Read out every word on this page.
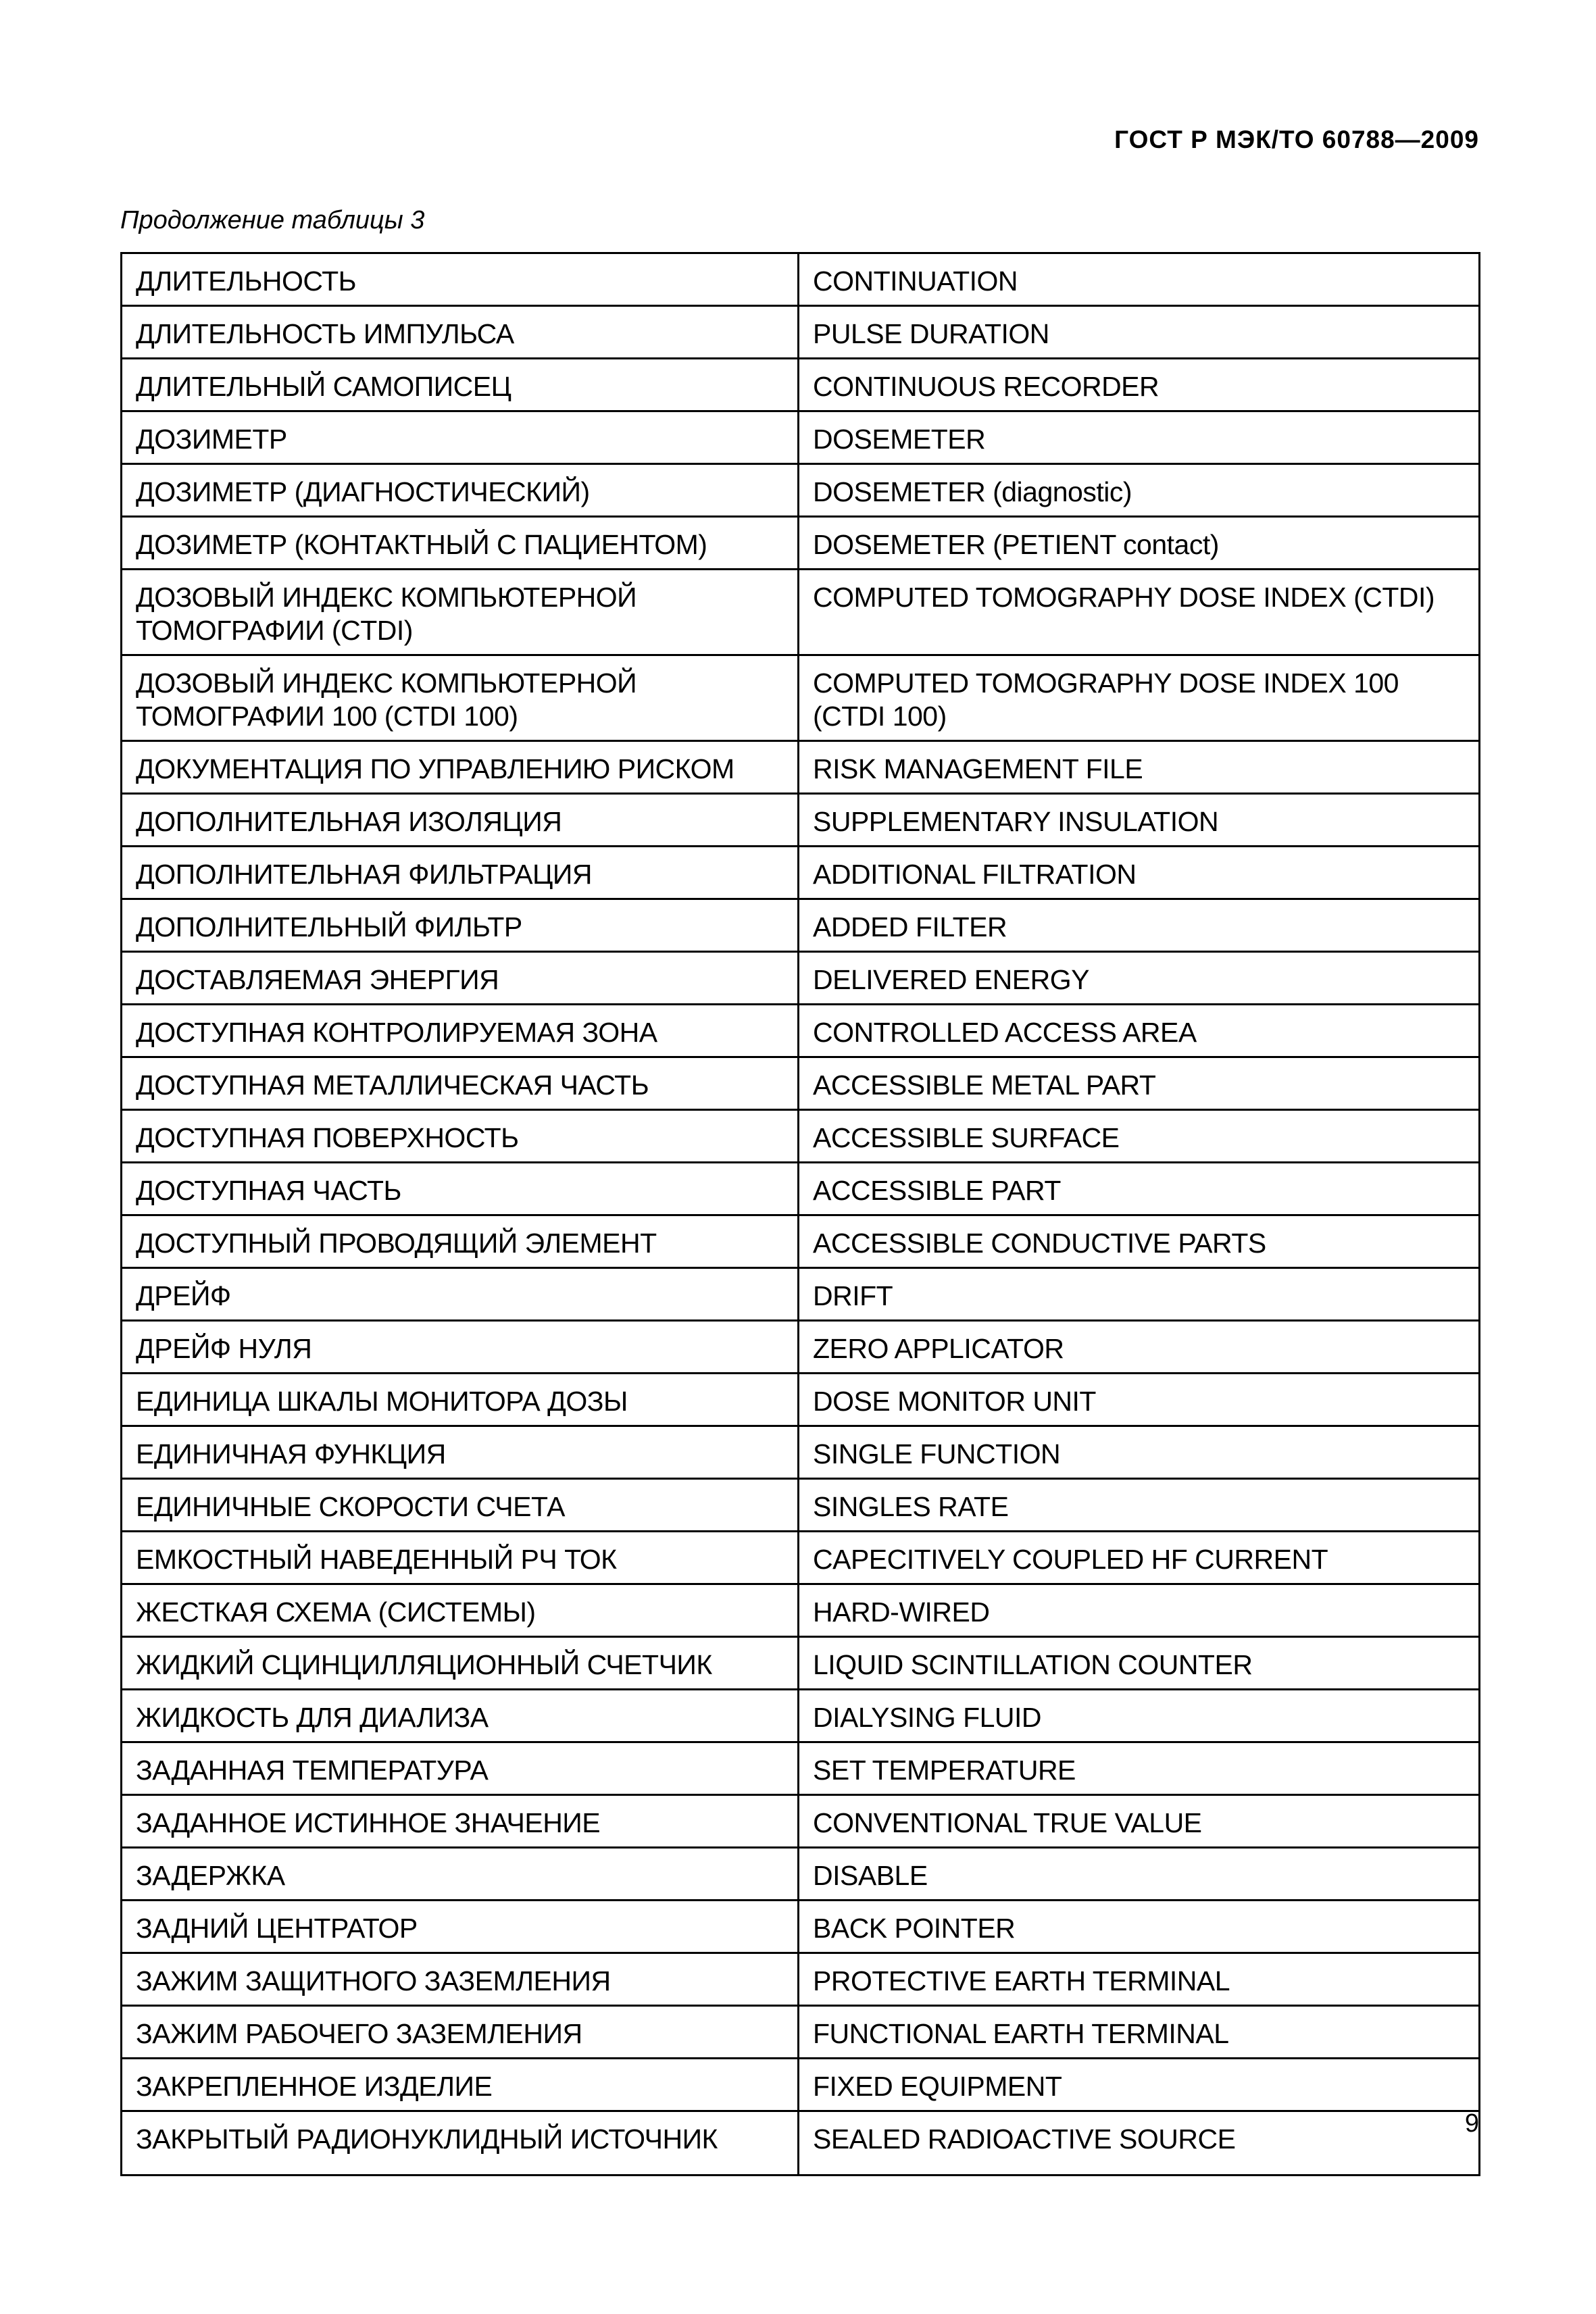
ГОСТ Р МЭК/ТО 60788—2009
Продолжение таблицы 3
ДЛИТЕЛЬНОСТЬ	CONTINUATION
ДЛИТЕЛЬНОСТЬ ИМПУЛЬСА	PULSE DURATION
ДЛИТЕЛЬНЫЙ САМОПИСЕЦ	CONTINUOUS RECORDER
ДОЗИМЕТР	DOSEMETER
ДОЗИМЕТР (ДИАГНОСТИЧЕСКИЙ)	DOSEMETER (diagnostic)
ДОЗИМЕТР (КОНТАКТНЫЙ С ПАЦИЕНТОМ)	DOSEMETER (PETIENT contact)
ДОЗОВЫЙ ИНДЕКС КОМПЬЮТЕРНОЙ ТОМОГРАФИИ (CTDI)	COMPUTED TOMOGRAPHY DOSE INDEX (CTDI)
ДОЗОВЫЙ ИНДЕКС КОМПЬЮТЕРНОЙ ТОМОГРАФИИ 100 (CTDI 100)	COMPUTED TOMOGRAPHY DOSE INDEX 100 (CTDI 100)
ДОКУМЕНТАЦИЯ ПО УПРАВЛЕНИЮ РИСКОМ	RISK MANAGEMENT FILE
ДОПОЛНИТЕЛЬНАЯ ИЗОЛЯЦИЯ	SUPPLEMENTARY INSULATION
ДОПОЛНИТЕЛЬНАЯ ФИЛЬТРАЦИЯ	ADDITIONAL FILTRATION
ДОПОЛНИТЕЛЬНЫЙ ФИЛЬТР	ADDED FILTER
ДОСТАВЛЯЕМАЯ ЭНЕРГИЯ	DELIVERED ENERGY
ДОСТУПНАЯ КОНТРОЛИРУЕМАЯ ЗОНА	CONTROLLED ACCESS AREA
ДОСТУПНАЯ МЕТАЛЛИЧЕСКАЯ ЧАСТЬ	ACCESSIBLE METAL PART
ДОСТУПНАЯ ПОВЕРХНОСТЬ	ACCESSIBLE SURFACE
ДОСТУПНАЯ ЧАСТЬ	ACCESSIBLE PART
ДОСТУПНЫЙ ПРОВОДЯЩИЙ ЭЛЕМЕНТ	ACCESSIBLE CONDUCTIVE PARTS
ДРЕЙФ	DRIFT
ДРЕЙФ НУЛЯ	ZERO APPLICATOR
ЕДИНИЦА ШКАЛЫ МОНИТОРА ДОЗЫ	DOSE MONITOR UNIT
ЕДИНИЧНАЯ ФУНКЦИЯ	SINGLE FUNCTION
ЕДИНИЧНЫЕ СКОРОСТИ СЧЕТА	SINGLES RATE
ЕМКОСТНЫЙ НАВЕДЕННЫЙ РЧ ТОК	CAPECITIVELY COUPLED HF CURRENT
ЖЕСТКАЯ СХЕМА (СИСТЕМЫ)	HARD-WIRED
ЖИДКИЙ СЦИНЦИЛЛЯЦИОННЫЙ СЧЕТЧИК	LIQUID SCINTILLATION COUNTER
ЖИДКОСТЬ ДЛЯ ДИАЛИЗА	DIALYSING FLUID
ЗАДАННАЯ ТЕМПЕРАТУРА	SET TEMPERATURE
ЗАДАННОЕ ИСТИННОЕ ЗНАЧЕНИЕ	CONVENTIONAL TRUE VALUE
ЗАДЕРЖКА	DISABLE
ЗАДНИЙ ЦЕНТРАТОР	BACK POINTER
ЗАЖИМ ЗАЩИТНОГО ЗАЗЕМЛЕНИЯ	PROTECTIVE EARTH TERMINAL
ЗАЖИМ РАБОЧЕГО ЗАЗЕМЛЕНИЯ	FUNCTIONAL EARTH TERMINAL
ЗАКРЕПЛЕННОЕ ИЗДЕЛИЕ	FIXED EQUIPMENT
ЗАКРЫТЫЙ РАДИОНУКЛИДНЫЙ ИСТОЧНИК	SEALED RADIOACTIVE SOURCE	9
